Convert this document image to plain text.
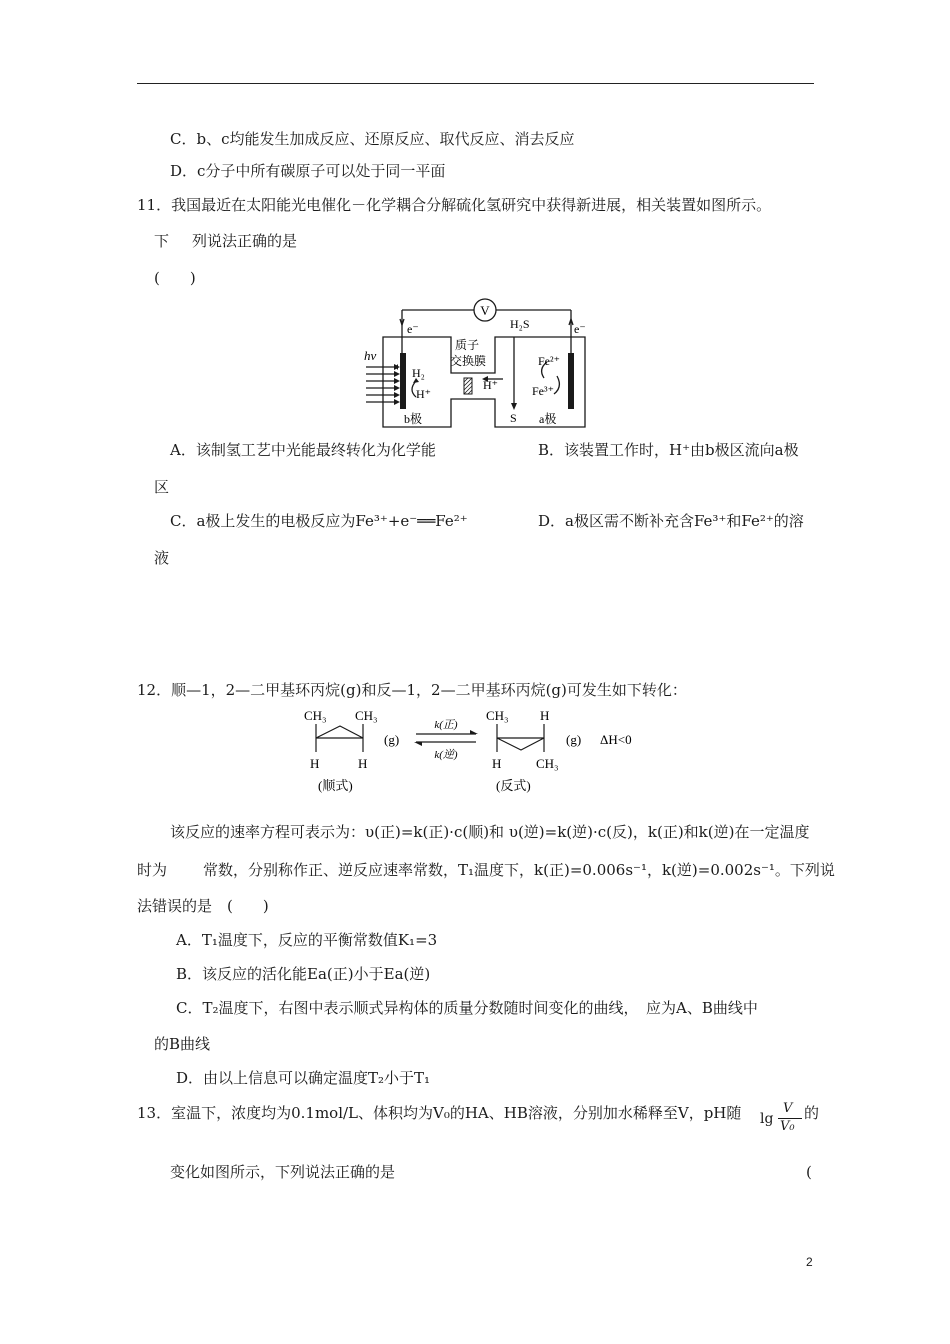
C．b、c均能发生加成反应、还原反应、取代反应、消去反应
D．c分子中所有碳原子可以处于同一平面
11．我国最近在太阳能光电催化－化学耦合分解硫化氢研究中获得新进展，相关装置如图所示。
下 列说法正确的是
(　　)
V
e⁻	e⁻
hν
H₂
H⁺
质子
交换膜
H₂S
H⁺
S
Fe²⁺
Fe³⁺
b极	a极
A．该制氢工艺中光能最终转化为化学能	B．该装置工作时，H⁺由b极区流向a极
区
C．a极上发生的电极反应为Fe³⁺+e⁻══Fe²⁺	D．a极区需不断补充含Fe³⁺和Fe²⁺的溶
液
12．顺—1，2—二甲基环丙烷(g)和反—1，2—二甲基环丙烷(g)可发生如下转化：
CH₃ CH₃
H	H
(g)
k(正)
k(逆)
CH₃ H
H	CH₃
(g) ΔH<0
(顺式)	(反式)
该反应的速率方程可表示为：υ(正)=k(正)·c(顺)和 υ(逆)=k(逆)·c(反)，k(正)和k(逆)在一定温度
时为 常数，分别称作正、逆反应速率常数，T₁温度下，k(正)=0.006s⁻¹，k(逆)=0.002s⁻¹。下列说
法错误的是　(　　)
A．T₁温度下，反应的平衡常数值K₁=3
B．该反应的活化能Ea(正)小于Ea(逆)
C．T₂温度下，右图中表示顺式异构体的质量分数随时间变化的曲线，　应为A、B曲线中
的B曲线
D．由以上信息可以确定温度T₂小于T₁
13．室温下，浓度均为0.1mol/L、体积均为V₀的HA、HB溶液，分别加水稀释至V，pH随 lg
V
V₀
的
变化如图所示，下列说法正确的是	(
2
